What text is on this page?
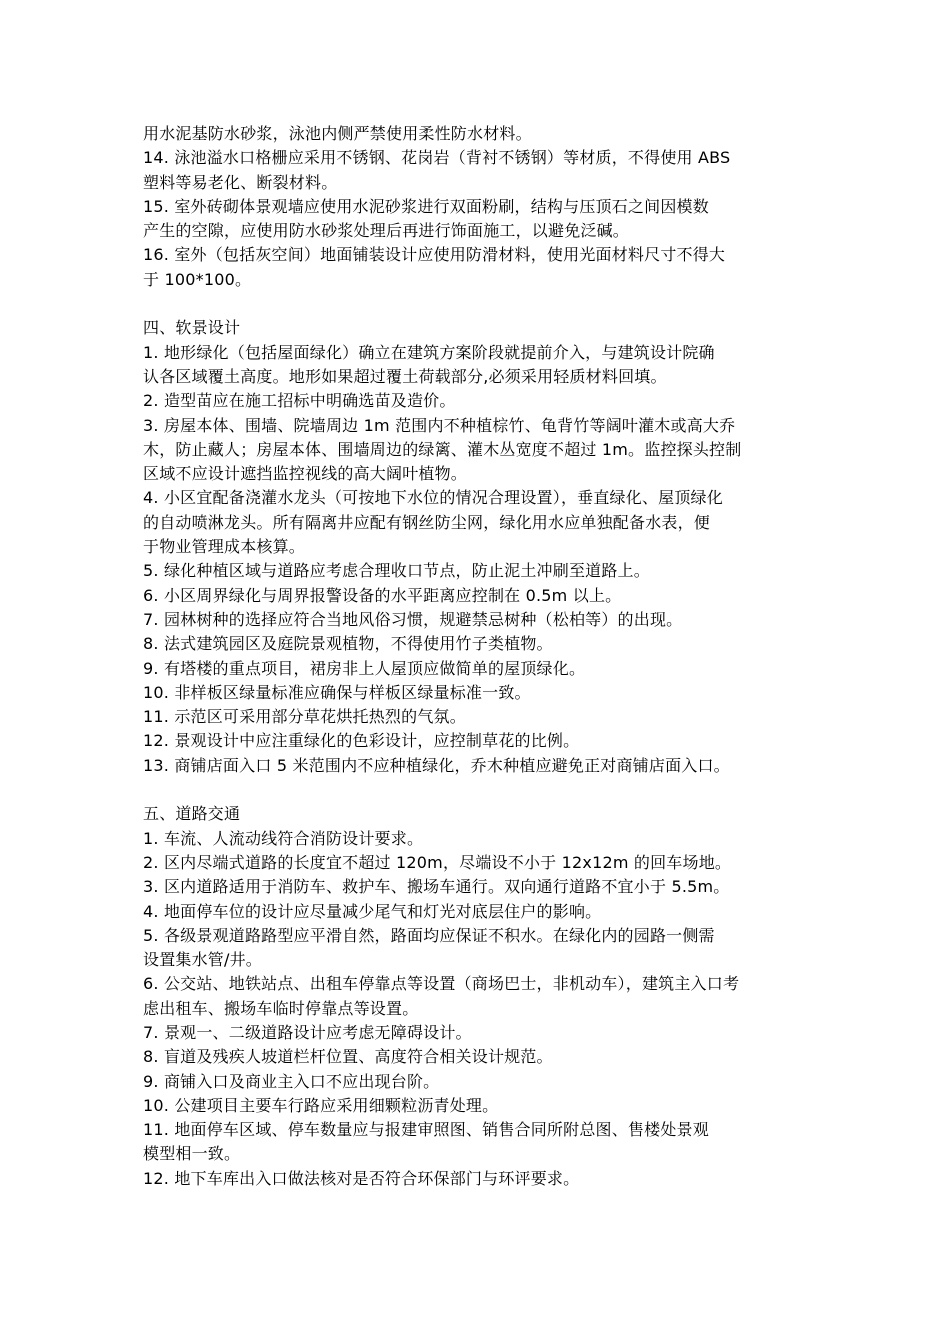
用水泥基防水砂浆，泳池内侧严禁使用柔性防水材料。
14. 泳池溢水口格栅应采用不锈钢、花岗岩（背衬不锈钢）等材质，不得使用 ABS
塑料等易老化、断裂材料。
15. 室外砖砌体景观墙应使用水泥砂浆进行双面粉刷，结构与压顶石之间因模数
产生的空隙，应使用防水砂浆处理后再进行饰面施工，以避免泛碱。
16. 室外（包括灰空间）地面铺装设计应使用防滑材料，使用光面材料尺寸不得大
于 100*100。
四、软景设计
1. 地形绿化（包括屋面绿化）确立在建筑方案阶段就提前介入，与建筑设计院确
认各区域覆土高度。地形如果超过覆土荷载部分,必须采用轻质材料回填。
2. 造型苗应在施工招标中明确选苗及造价。
3. 房屋本体、围墙、院墙周边 1m 范围内不种植棕竹、龟背竹等阔叶灌木或高大乔
木，防止藏人；房屋本体、围墙周边的绿篱、灌木丛宽度不超过 1m。监控探头控制
区域不应设计遮挡监控视线的高大阔叶植物。
4. 小区宜配备浇灌水龙头（可按地下水位的情况合理设置），垂直绿化、屋顶绿化
的自动喷淋龙头。所有隔离井应配有钢丝防尘网，绿化用水应单独配备水表，便
于物业管理成本核算。
5. 绿化种植区域与道路应考虑合理收口节点，防止泥土冲刷至道路上。
6. 小区周界绿化与周界报警设备的水平距离应控制在 0.5m 以上。
7. 园林树种的选择应符合当地风俗习惯，规避禁忌树种（松柏等）的出现。
8. 法式建筑园区及庭院景观植物，不得使用竹子类植物。
9. 有塔楼的重点项目，裙房非上人屋顶应做简单的屋顶绿化。
10. 非样板区绿量标准应确保与样板区绿量标准一致。
11. 示范区可采用部分草花烘托热烈的气氛。
12. 景观设计中应注重绿化的色彩设计，应控制草花的比例。
13. 商铺店面入口 5 米范围内不应种植绿化，乔木种植应避免正对商铺店面入口。
五、道路交通
1. 车流、人流动线符合消防设计要求。
2. 区内尽端式道路的长度宜不超过 120m，尽端设不小于 12x12m 的回车场地。
3. 区内道路适用于消防车、救护车、搬场车通行。双向通行道路不宜小于 5.5m。
4. 地面停车位的设计应尽量减少尾气和灯光对底层住户的影响。
5. 各级景观道路路型应平滑自然，路面均应保证不积水。在绿化内的园路一侧需
设置集水管/井。
6. 公交站、地铁站点、出租车停靠点等设置（商场巴士，非机动车），建筑主入口考
虑出租车、搬场车临时停靠点等设置。
7. 景观一、二级道路设计应考虑无障碍设计。
8. 盲道及残疾人坡道栏杆位置、高度符合相关设计规范。
9. 商铺入口及商业主入口不应出现台阶。
10. 公建项目主要车行路应采用细颗粒沥青处理。
11. 地面停车区域、停车数量应与报建审照图、销售合同所附总图、售楼处景观
模型相一致。
12. 地下车库出入口做法核对是否符合环保部门与环评要求。
